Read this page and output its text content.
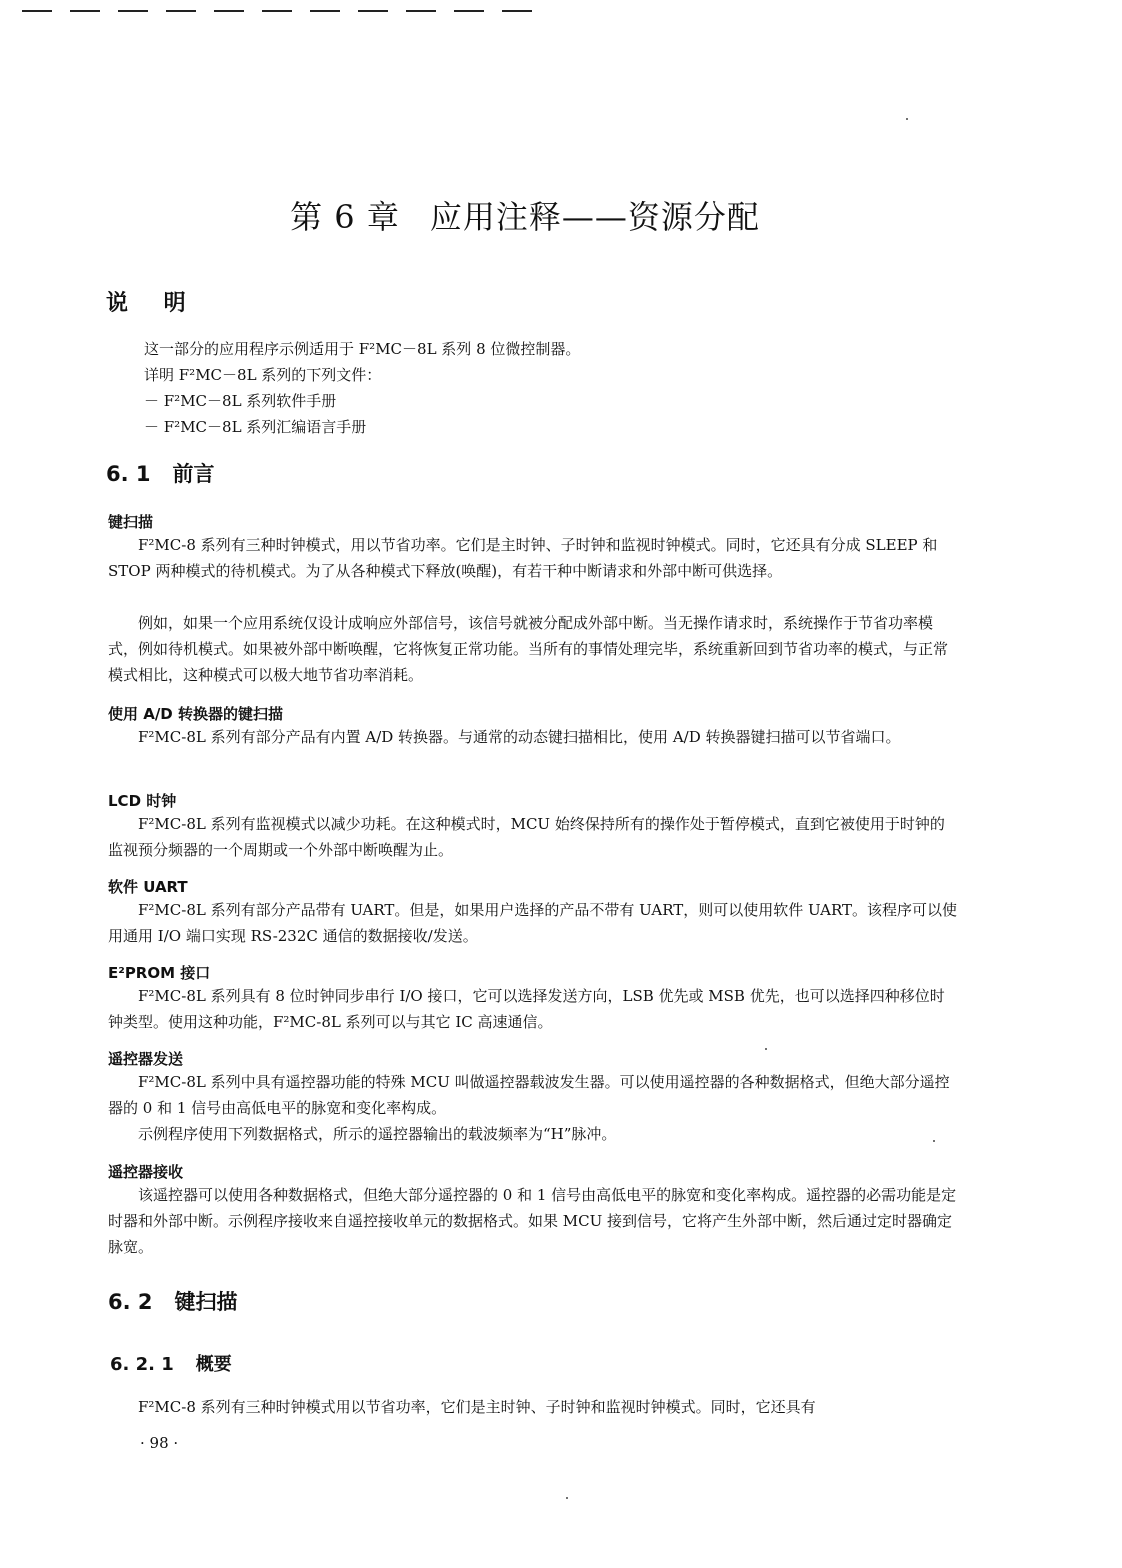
第 6 章 应用注释——资源分配
说 明

这一部分的应用程序示例适用于 F²MC－8L 系列 8 位微控制器。

详明 F²MC－8L 系列的下列文件：

－ F²MC－8L 系列软件手册

－ F²MC－8L 系列汇编语言手册

6. 1 前言
键扫描

F²MC-8 系列有三种时钟模式，用以节省功率。它们是主时钟、子时钟和监视时钟模式。同时，它还具有分成 SLEEP 和 STOP 两种模式的待机模式。为了从各种模式下释放(唤醒)，有若干种中断请求和外部中断可供选择。

例如，如果一个应用系统仅设计成响应外部信号，该信号就被分配成外部中断。当无操作请求时，系统操作于节省功率模式，例如待机模式。如果被外部中断唤醒，它将恢复正常功能。当所有的事情处理完毕，系统重新回到节省功率的模式，与正常模式相比，这种模式可以极大地节省功率消耗。

使用 A/D 转换器的键扫描

F²MC-8L 系列有部分产品有内置 A/D 转换器。与通常的动态键扫描相比，使用 A/D 转换器键扫描可以节省端口。

LCD 时钟

F²MC-8L 系列有监视模式以减少功耗。在这种模式时，MCU 始终保持所有的操作处于暂停模式，直到它被使用于时钟的监视预分频器的一个周期或一个外部中断唤醒为止。

软件 UART

F²MC-8L 系列有部分产品带有 UART。但是，如果用户选择的产品不带有 UART，则可以使用软件 UART。该程序可以使用通用 I/O 端口实现 RS-232C 通信的数据接收/发送。

E²PROM 接口

F²MC-8L 系列具有 8 位时钟同步串行 I/O 接口，它可以选择发送方向，LSB 优先或 MSB 优先，也可以选择四种移位时钟类型。使用这种功能，F²MC-8L 系列可以与其它 IC 高速通信。

遥控器发送

F²MC-8L 系列中具有遥控器功能的特殊 MCU 叫做遥控器载波发生器。可以使用遥控器的各种数据格式，但绝大部分遥控器的 0 和 1 信号由高低电平的脉宽和变化率构成。

示例程序使用下列数据格式，所示的遥控器输出的载波频率为“H”脉冲。

遥控器接收

该遥控器可以使用各种数据格式，但绝大部分遥控器的 0 和 1 信号由高低电平的脉宽和变化率构成。遥控器的必需功能是定时器和外部中断。示例程序接收来自遥控接收单元的数据格式。如果 MCU 接到信号，它将产生外部中断，然后通过定时器确定脉宽。

6. 2 键扫描
6. 2. 1 概要

F²MC-8 系列有三种时钟模式用以节省功率，它们是主时钟、子时钟和监视时钟模式。同时，它还具有

· 98 ·
